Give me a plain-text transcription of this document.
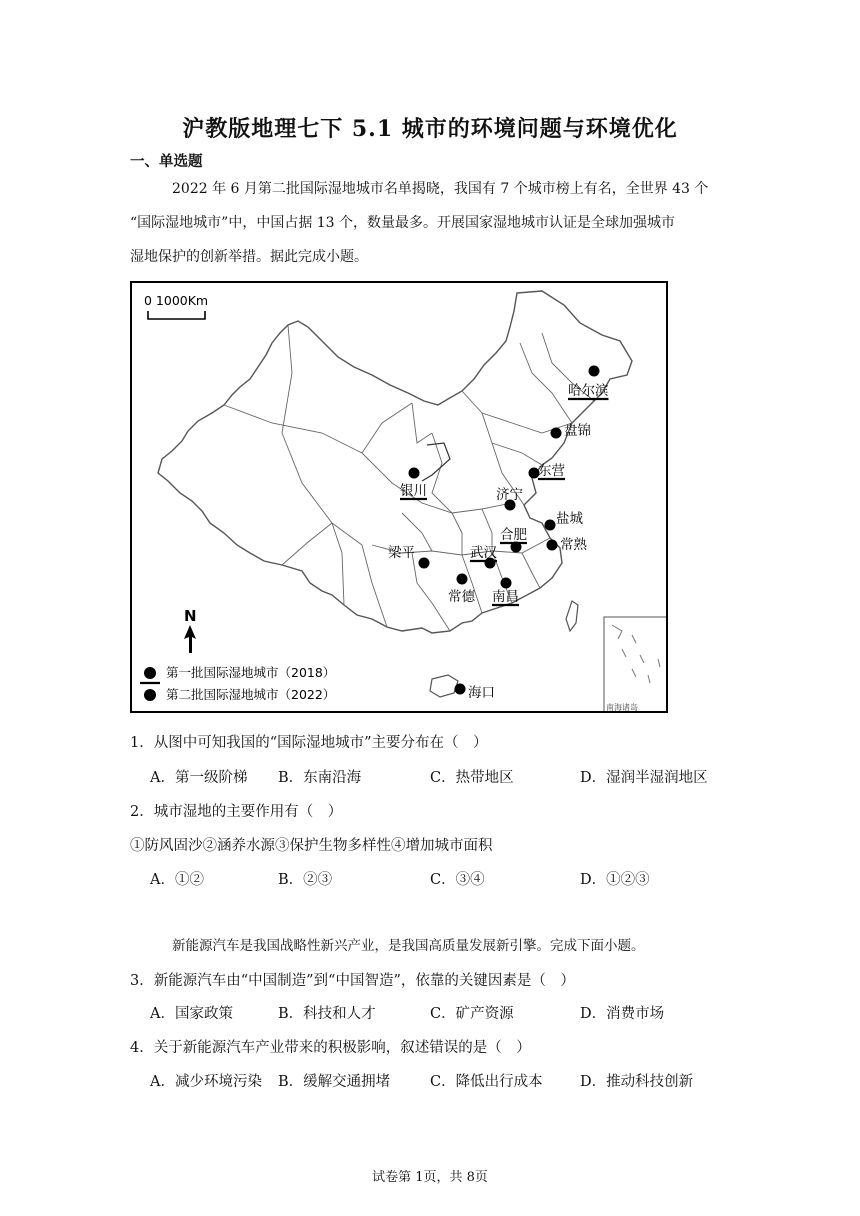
沪教版地理七下 5.1 城市的环境问题与环境优化
一、单选题
2022 年 6 月第二批国际湿地城市名单揭晓，我国有 7 个城市榜上有名，全世界 43 个
“国际湿地城市”中，中国占据 13 个，数量最多。开展国家湿地城市认证是全球加强城市
湿地保护的创新举措。据此完成小题。
0 1000Km
N
第一批国际湿地城市（2018）
第二批国际湿地城市（2022）
南海诸岛
哈尔滨
盘锦
东营
银川	济宁
盐城
合肥
常熟
梁平	武汉
常德 南昌
海口
1．从图中可知我国的“国际湿地城市”主要分布在（　）
A．第一级阶梯 B．东南沿海	C．热带地区	D．湿润半湿润地区
2．城市湿地的主要作用有（　）
①防风固沙②涵养水源③保护生物多样性④增加城市面积
A．①②	B．②③	C．③④	D．①②③
新能源汽车是我国战略性新兴产业，是我国高质量发展新引擎。完成下面小题。
3．新能源汽车由“中国制造”到“中国智造”，依靠的关键因素是（　）
A．国家政策	B．科技和人才	C．矿产资源	D．消费市场
4．关于新能源汽车产业带来的积极影响，叙述错误的是（　）
A．减少环境污染 B．缓解交通拥堵	C．降低出行成本	D．推动科技创新
试卷第 1页，共 8页
